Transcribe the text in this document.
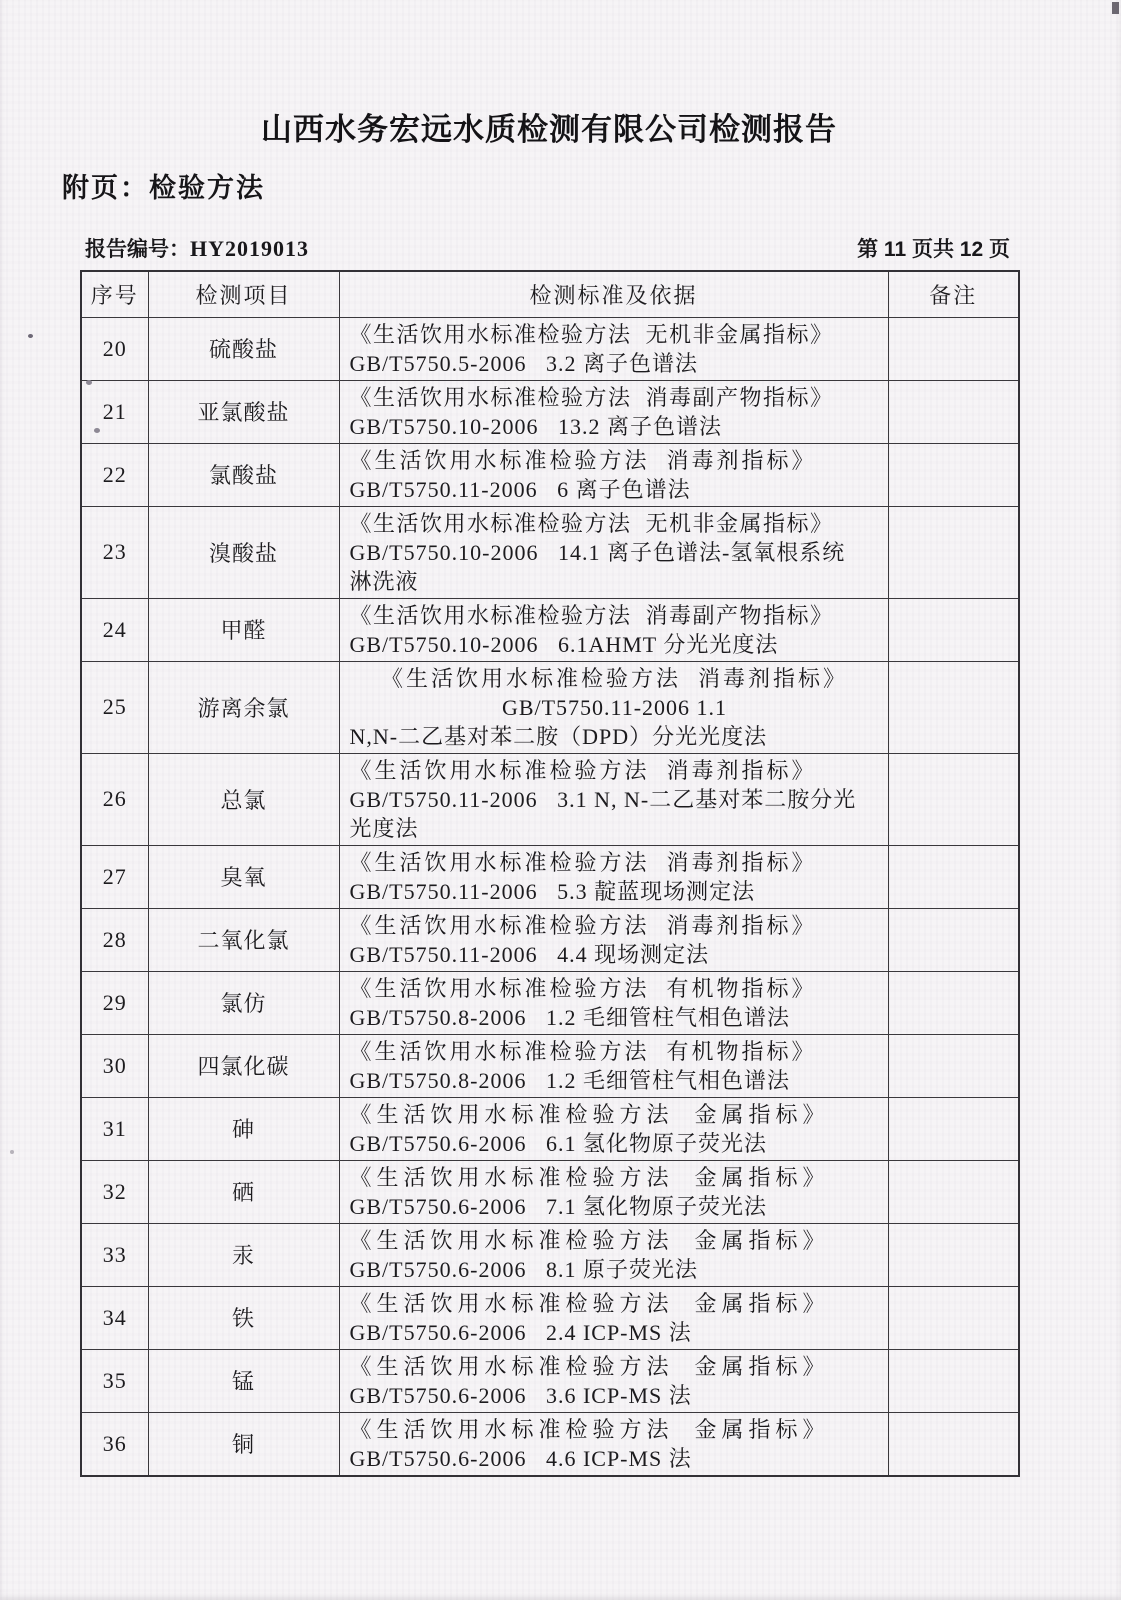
山西水务宏远水质检测有限公司检测报告
附页：检验方法
报告编号：HY2019013	第 11 页共 12 页
序号	检测项目	检测标准及依据	备注
20	硫酸盐	《生活饮用水标准检验方法  无机非金属指标》
GB/T5750.5-2006   3.2 离子色谱法	

21	亚氯酸盐	《生活饮用水标准检验方法  消毒副产物指标》
GB/T5750.10-2006   13.2 离子色谱法	

22	氯酸盐	《生活饮用水标准检验方法  消毒剂指标》
GB/T5750.11-2006   6 离子色谱法	

23	溴酸盐	《生活饮用水标准检验方法  无机非金属指标》
GB/T5750.10-2006   14.1 离子色谱法-氢氧根系统
淋洗液	

24	甲醛	《生活饮用水标准检验方法  消毒副产物指标》
GB/T5750.10-2006   6.1AHMT 分光光度法	

25	游离余氯	《生活饮用水标准检验方法  消毒剂指标》
GB/T5750.11-2006 1.1
N,N-二乙基对苯二胺（DPD）分光光度法	

26	总氯	《生活饮用水标准检验方法  消毒剂指标》
GB/T5750.11-2006   3.1 N, N-二乙基对苯二胺分光
光度法	

27	臭氧	《生活饮用水标准检验方法  消毒剂指标》
GB/T5750.11-2006   5.3 靛蓝现场测定法	

28	二氧化氯	《生活饮用水标准检验方法  消毒剂指标》
GB/T5750.11-2006   4.4 现场测定法	

29	氯仿	《生活饮用水标准检验方法  有机物指标》
GB/T5750.8-2006   1.2 毛细管柱气相色谱法	

30	四氯化碳	《生活饮用水标准检验方法  有机物指标》
GB/T5750.8-2006   1.2 毛细管柱气相色谱法	

31	砷	《生活饮用水标准检验方法  金属指标》
GB/T5750.6-2006   6.1 氢化物原子荧光法	

32	硒	《生活饮用水标准检验方法  金属指标》
GB/T5750.6-2006   7.1 氢化物原子荧光法	

33	汞	《生活饮用水标准检验方法  金属指标》
GB/T5750.6-2006   8.1 原子荧光法	

34	铁	《生活饮用水标准检验方法  金属指标》
GB/T5750.6-2006   2.4 ICP-MS 法	

35	锰	《生活饮用水标准检验方法  金属指标》
GB/T5750.6-2006   3.6 ICP-MS 法	

36	铜	《生活饮用水标准检验方法  金属指标》
GB/T5750.6-2006   4.6 ICP-MS 法	
